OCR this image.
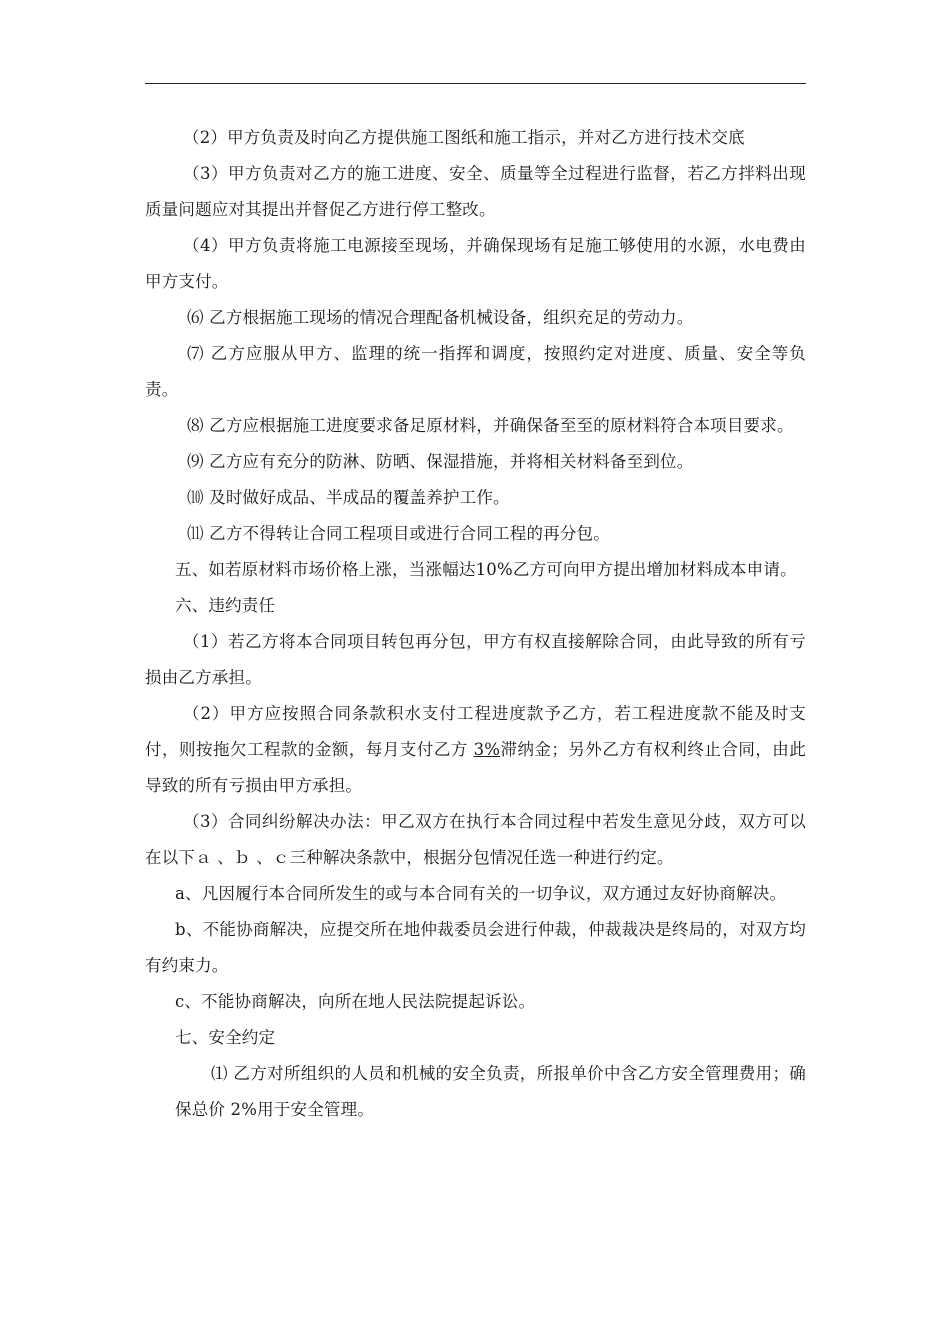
（2）甲方负责及时向乙方提供施工图纸和施工指示，并对乙方进行技术交底

（3）甲方负责对乙方的施工进度、安全、质量等全过程进行监督，若乙方拌料出现质量问题应对其提出并督促乙方进行停工整改。

（4）甲方负责将施工电源接至现场，并确保现场有足施工够使用的水源，水电费由甲方支付。

⑹ 乙方根据施工现场的情况合理配备机械设备，组织充足的劳动力。

⑺ 乙方应服从甲方、监理的统一指挥和调度，按照约定对进度、质量、安全等负责。

⑻ 乙方应根据施工进度要求备足原材料，并确保备至至的原材料符合本项目要求。

⑼ 乙方应有充分的防淋、防晒、保湿措施，并将相关材料备至到位。

⑽ 及时做好成品、半成品的覆盖养护工作。

⑾ 乙方不得转让合同工程项目或进行合同工程的再分包。

五、如若原材料市场价格上涨，当涨幅达10%乙方可向甲方提出增加材料成本申请。

六、违约责任

（1）若乙方将本合同项目转包再分包，甲方有权直接解除合同，由此导致的所有亏损由乙方承担。

（2）甲方应按照合同条款积水支付工程进度款予乙方，若工程进度款不能及时支付，则按拖欠工程款的金额，每月支付乙方 3%滞纳金；另外乙方有权利终止合同，由此导致的所有亏损由甲方承担。

（3）合同纠纷解决办法：甲乙双方在执行本合同过程中若发生意见分歧，双方可以在以下ａ 、ｂ 、ｃ三种解决条款中，根据分包情况任选一种进行约定。

a、凡因履行本合同所发生的或与本合同有关的一切争议，双方通过友好协商解决。

b、不能协商解决，应提交所在地仲裁委员会进行仲裁，仲裁裁决是终局的，对双方均有约束力。

c、不能协商解决，向所在地人民法院提起诉讼。

七、安全约定

⑴ 乙方对所组织的人员和机械的安全负责，所报单价中含乙方安全管理费用；确保总价 2%用于安全管理。
